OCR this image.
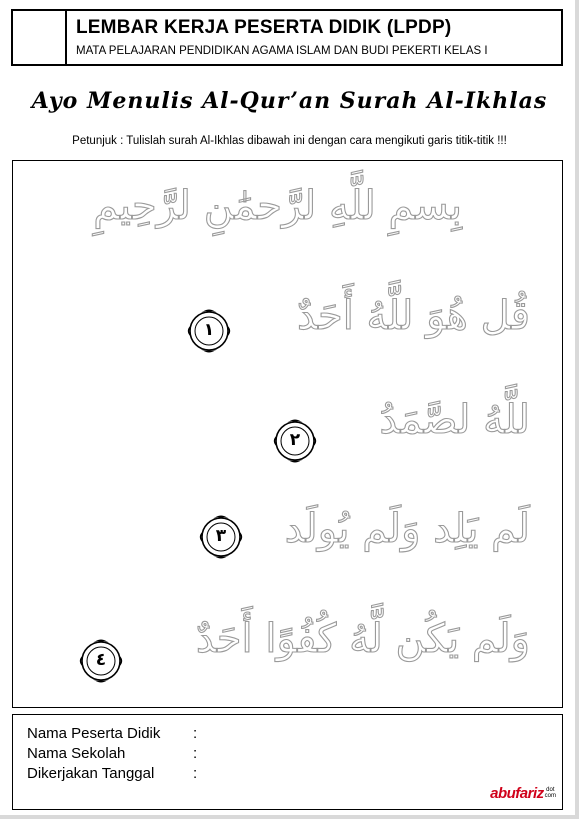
LEMBAR KERJA PESERTA DIDIK (LPDP)
MATA PELAJARAN PENDIDIKAN AGAMA ISLAM DAN BUDI PEKERTI KELAS I
Ayo Menulis Al-Qur’an Surah Al-Ikhlas
Petunjuk : Tulislah surah Al-Ikhlas dibawah ini dengan cara mengikuti garis titik-titik !!!
بِسمِ للَّهِ لرَّحمَٰنِ لرَّحِيمِ
قُل هُوَ للَّهُ أَحَدٌ
١
للَّهُ لصَّمَدُ
٢
لَم يَلِد وَلَم يُولَد
٣
وَلَم يَكُن لَّهُ كُفُوًا أَحَدٌ
٤
Nama Peserta Didik :
Nama Sekolah	:
Dikerjakan Tanggal	:
abufariz dot
com
